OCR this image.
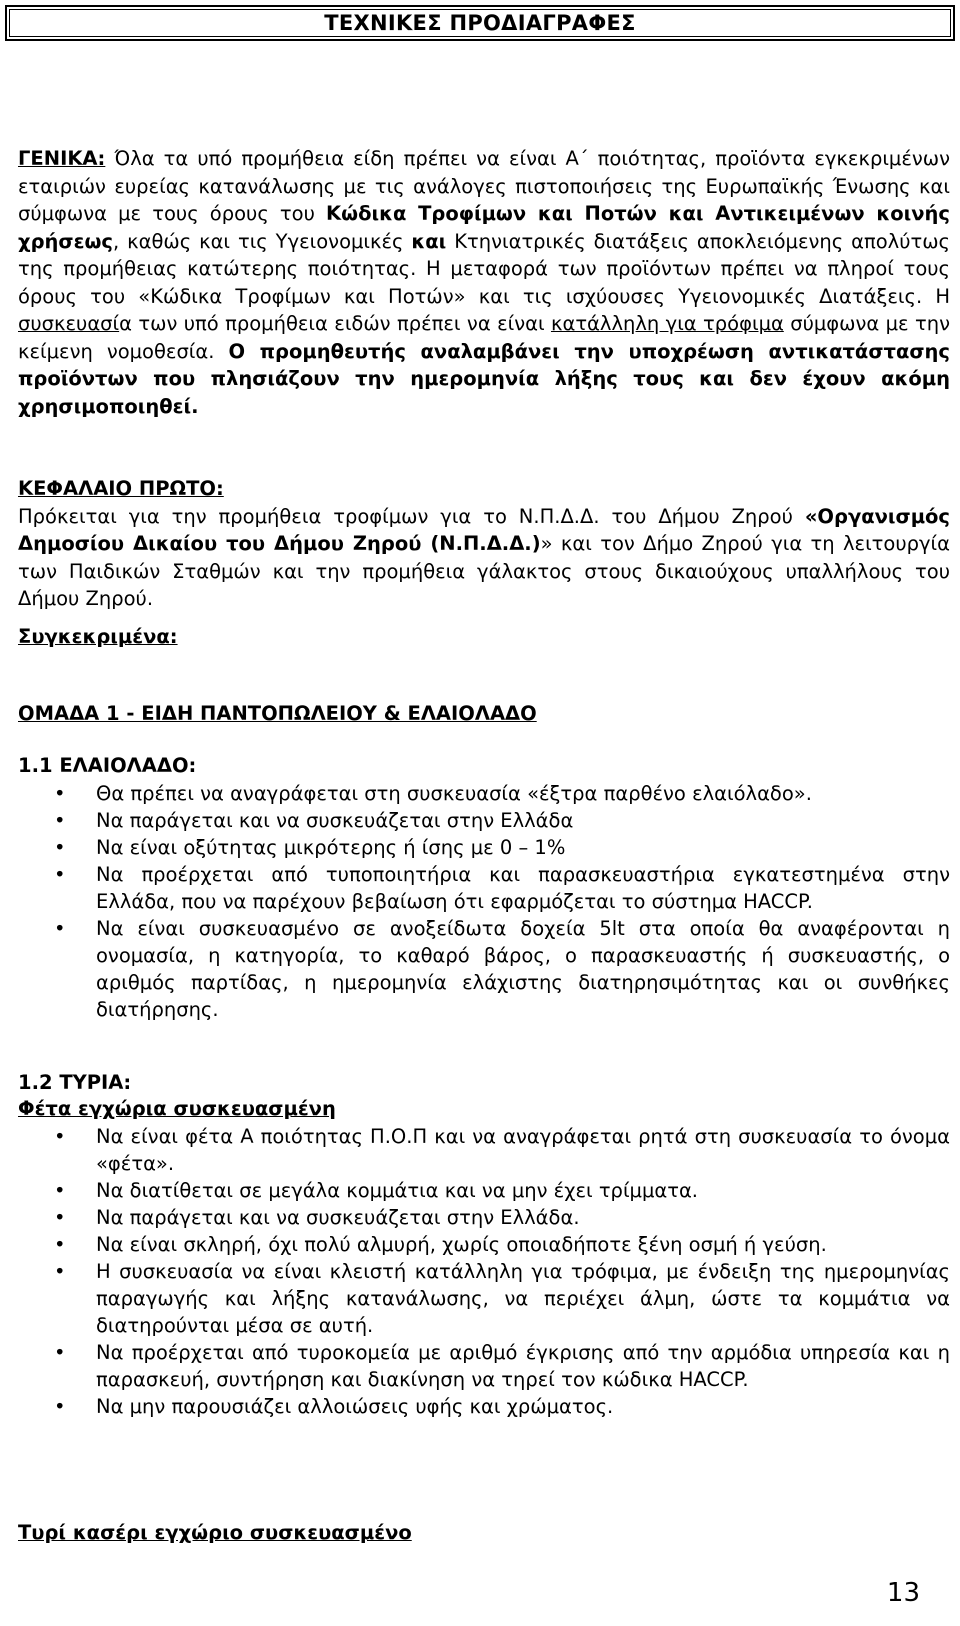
ΤΕΧΝΙΚΕΣ ΠΡΟΔΙΑΓΡΑΦΕΣ
ΓΕΝΙΚΑ: Όλα τα υπό προμήθεια είδη πρέπει να είναι Α΄ ποιότητας, προϊόντα εγκεκριμένων εταιριών ευρείας κατανάλωσης με τις ανάλογες πιστοποιήσεις της Ευρωπαϊκής Ένωσης και σύμφωνα με τους όρους του Κώδικα Τροφίμων και Ποτών και Αντικειμένων κοινής χρήσεως, καθώς και τις Υγειονομικές και Κτηνιατρικές διατάξεις αποκλειόμενης απολύτως της προμήθειας κατώτερης ποιότητας. Η μεταφορά των προϊόντων πρέπει να πληροί τους όρους του «Κώδικα Τροφίμων και Ποτών» και τις ισχύουσες Υγειονομικές Διατάξεις. Η συσκευασία των υπό προμήθεια ειδών πρέπει να είναι κατάλληλη για τρόφιμα σύμφωνα με την κείμενη νομοθεσία. Ο προμηθευτής αναλαμβάνει την υποχρέωση αντικατάστασης προϊόντων που πλησιάζουν την ημερομηνία λήξης τους και δεν έχουν ακόμη χρησιμοποιηθεί.
ΚΕΦΑΛΑΙΟ ΠΡΩΤΟ:
Πρόκειται για την προμήθεια τροφίμων για το Ν.Π.Δ.Δ. του Δήμου Ζηρού «Οργανισμός Δημοσίου Δικαίου του Δήμου Ζηρού (Ν.Π.Δ.Δ.)» και τον Δήμο Ζηρού για τη λειτουργία των Παιδικών Σταθμών και την προμήθεια γάλακτος στους δικαιούχους υπαλλήλους του Δήμου Ζηρού.
Συγκεκριμένα:
ΟΜΑΔΑ 1 - ΕΙΔΗ ΠΑΝΤΟΠΩΛΕΙΟΥ & ΕΛΑΙΟΛΑΔΟ
1.1 ΕΛΑΙΟΛΑΔΟ:
• Θα πρέπει να αναγράφεται στη συσκευασία «έξτρα παρθένο ελαιόλαδο».
• Να παράγεται και να συσκευάζεται στην Ελλάδα
• Να είναι οξύτητας μικρότερης ή ίσης με 0 – 1%
• Να προέρχεται από τυποποιητήρια και παρασκευαστήρια εγκατεστημένα στην Ελλάδα, που να παρέχουν βεβαίωση ότι εφαρμόζεται το σύστημα HACCP.
• Να είναι συσκευασμένο σε ανοξείδωτα δοχεία 5lt στα οποία θα αναφέρονται η ονομασία, η κατηγορία, το καθαρό βάρος, ο παρασκευαστής ή συσκευαστής, ο αριθμός παρτίδας, η ημερομηνία ελάχιστης διατηρησιμότητας και οι συνθήκες διατήρησης.
1.2 ΤΥΡΙΑ:
Φέτα εγχώρια συσκευασμένη
• Να είναι φέτα Α ποιότητας Π.Ο.Π και να αναγράφεται ρητά στη συσκευασία το όνομα «φέτα».
• Να διατίθεται σε μεγάλα κομμάτια και να μην έχει τρίμματα.
• Να παράγεται και να συσκευάζεται στην Ελλάδα.
• Να είναι σκληρή, όχι πολύ αλμυρή, χωρίς οποιαδήποτε ξένη οσμή ή γεύση.
• Η συσκευασία να είναι κλειστή κατάλληλη για τρόφιμα, με ένδειξη της ημερομηνίας παραγωγής και λήξης κατανάλωσης, να περιέχει άλμη, ώστε τα κομμάτια να διατηρούνται μέσα σε αυτή.
• Να προέρχεται από τυροκομεία με αριθμό έγκρισης από την αρμόδια υπηρεσία και η παρασκευή, συντήρηση και διακίνηση να τηρεί τον κώδικα HACCP.
• Να μην παρουσιάζει αλλοιώσεις υφής και χρώματος.
Τυρί κασέρι εγχώριο συσκευασμένο
13
